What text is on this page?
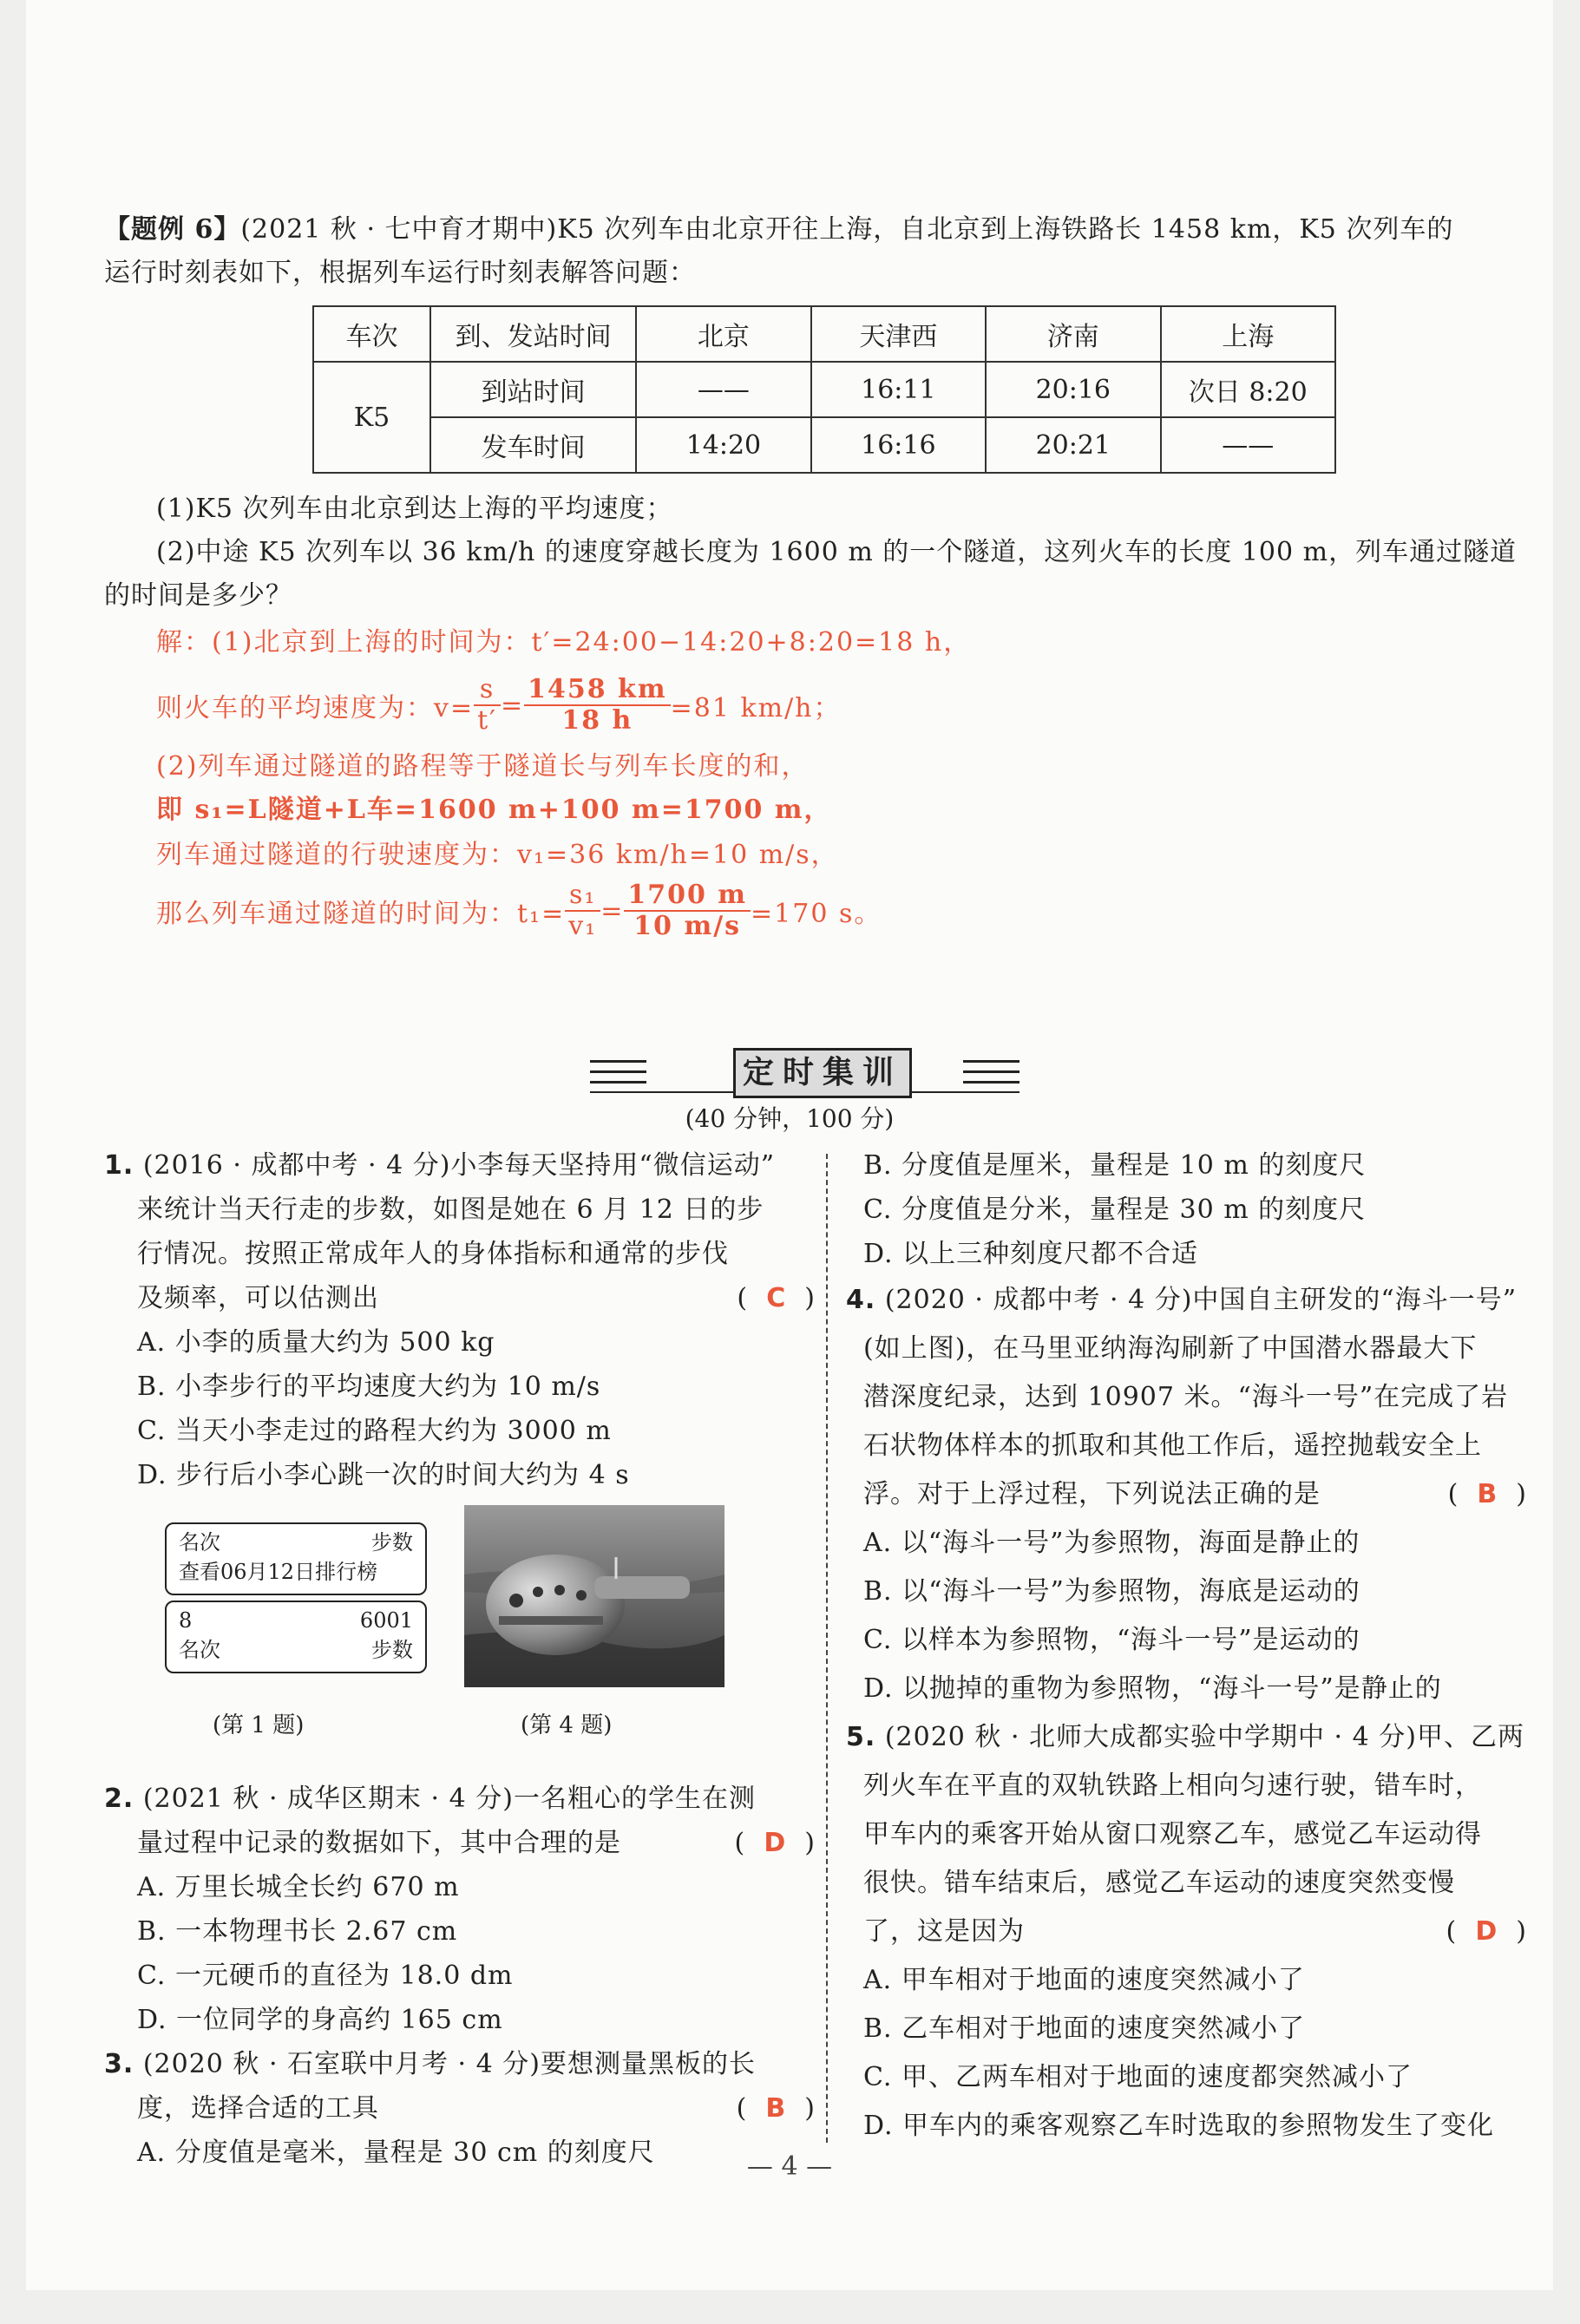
【题例 6】(2021 秋 · 七中育才期中)K5 次列车由北京开往上海，自北京到上海铁路长 1458 km，K5 次列车的
运行时刻表如下，根据列车运行时刻表解答问题：
车次	到、发站时间	北京	天津西	济南	上海
K5	到站时间	——	16:11	20:16	次日 8:20
	发车时间	14:20	16:16	20:21	——
(1)K5 次列车由北京到达上海的平均速度；
(2)中途 K5 次列车以 36 km/h 的速度穿越长度为 1600 m 的一个隧道，这列火车的长度 100 m，列车通过隧道
的时间是多少？
解：(1)北京到上海的时间为：t′=24:00−14:20+8:20=18 h，
则火车的平均速度为：$v= \frac{s}{t'} = \frac{1458 km}{18 h} =81$ km/h；
(2)列车通过隧道的路程等于隧道长与列车长度的和，
即 s₁=L隧道+L车=1600 m+100 m=1700 m，
列车通过隧道的行驶速度为：v₁=36 km/h=10 m/s，
那么列车通过隧道的时间为：$t_1= \frac{\text{s₁}}{\text{v₁}} = \frac{1700 m}{10 m/s} =170$ s。
定时集训
(40 分钟，100 分)
1. (2016 · 成都中考 · 4 分)小李每天坚持用“微信运动”
来统计当天行走的步数，如图是她在 6 月 12 日的步
行情况。按照正常成年人的身体指标和通常的步伐
及频率，可以估测出	(  C  )
A. 小李的质量大约为 500 kg
B. 小李步行的平均速度大约为 10 m/s
C. 当天小李走过的路程大约为 3000 m
D. 步行后小李心跳一次的时间大约为 4 s
名次	步数
查看06月12日排行榜
8	6001
名次	步数
(第 1 题)	(第 4 题)
2. (2021 秋 · 成华区期末 · 4 分)一名粗心的学生在测
量过程中记录的数据如下，其中合理的是	(  D  )
A. 万里长城全长约 670 m
B. 一本物理书长 2.67 cm
C. 一元硬币的直径为 18.0 dm
D. 一位同学的身高约 165 cm
3. (2020 秋 · 石室联中月考 · 4 分)要想测量黑板的长
度，选择合适的工具	(  B  )
A. 分度值是毫米，量程是 30 cm 的刻度尺
B. 分度值是厘米，量程是 10 m 的刻度尺
C. 分度值是分米，量程是 30 m 的刻度尺
D. 以上三种刻度尺都不合适
4. (2020 · 成都中考 · 4 分)中国自主研发的“海斗一号”
(如上图)，在马里亚纳海沟刷新了中国潜水器最大下
潜深度纪录，达到 10907 米。“海斗一号”在完成了岩
石状物体样本的抓取和其他工作后，遥控抛载安全上
浮。对于上浮过程，下列说法正确的是	(  B  )
A. 以“海斗一号”为参照物，海面是静止的
B. 以“海斗一号”为参照物，海底是运动的
C. 以样本为参照物，“海斗一号”是运动的
D. 以抛掉的重物为参照物，“海斗一号”是静止的
5. (2020 秋 · 北师大成都实验中学期中 · 4 分)甲、乙两
列火车在平直的双轨铁路上相向匀速行驶，错车时，
甲车内的乘客开始从窗口观察乙车，感觉乙车运动得
很快。错车结束后，感觉乙车运动的速度突然变慢
了，这是因为	(  D  )
A. 甲车相对于地面的速度突然减小了
B. 乙车相对于地面的速度突然减小了
C. 甲、乙两车相对于地面的速度都突然减小了
D. 甲车内的乘客观察乙车时选取的参照物发生了变化
— 4 —
